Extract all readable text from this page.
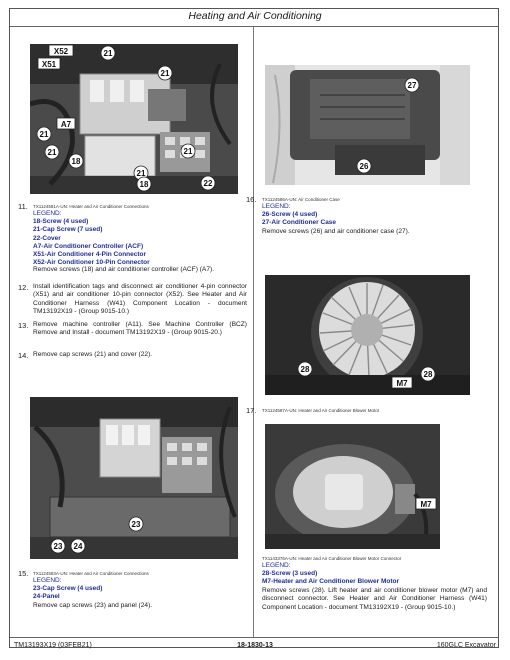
Heating and Air Conditioning
X52
X51
21
21
A7
21
21
18
21
21
18	22
11. TX1124581A-UN: Heater and Air Conditioner Connections
LEGEND:
18-Screw (4 used)
21-Cap Screw (7 used)
22-Cover
A7-Air Conditioner Controller (ACF)
X51-Air Conditioner 4-Pin Connector
X52-Air Conditioner 10-Pin Connector
Remove screws (18) and air conditioner controller (ACF) (A7).
12. Install identification tags and disconnect air conditioner 4-pin connector (X51) and air conditioner 10-pin connector (X52). See Heater and Air Conditioner Harness (W41) Component Location - document TM13192X19 - (Group 9015-10.)
13. Remove machine controller (A11). See Machine Controller (BCZ) Remove and Install - document TM13192X19 - (Group 9015-20.)
14. Remove cap screws (21) and cover (22).
23
23 24
15. TX1124583A-UN: Heater and Air Conditioner Connections
LEGEND:
23-Cap Screw (4 used)
24-Panel
Remove cap screws (23) and panel (24).
27
26
16. TX1124586A-UN: Air Conditioner Case
LEGEND:
26-Screw (4 used)
27-Air Conditioner Case
Remove screws (26) and air conditioner case (27).
28
28
M7
17. TX1124587A-UN: Heater and Air Conditioner Blower Motor
M7
TX1143376A-UN: Heater and Air Conditioner Blower Motor Connector
LEGEND:
28-Screw (3 used)
M7-Heater and Air Conditioner Blower Motor
Remove screws (28). Lift heater and air conditioner blower motor (M7) and disconnect connector. See Heater and Air Conditioner Harness (W41) Component Location - document TM13192X19 - (Group 9015-10.)
TM13193X19 (03FEB21)	18-1830-13	160GLC Excavator
